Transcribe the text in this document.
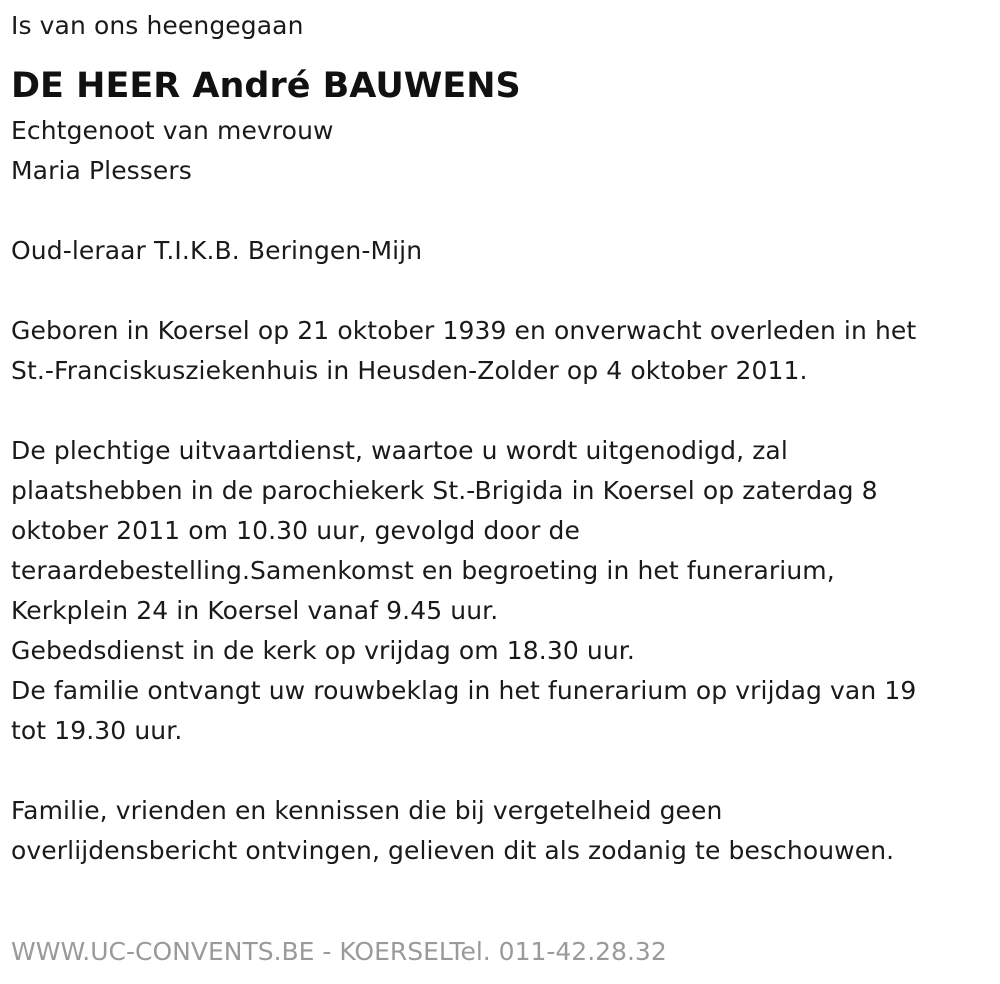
Is van ons heengegaan
DE HEER André BAUWENS
Echtgenoot van mevrouw
Maria Plessers
Oud-leraar T.I.K.B. Beringen-Mijn
Geboren in Koersel op 21 oktober 1939 en onverwacht overleden in het
St.-Franciskusziekenhuis in Heusden-Zolder op 4 oktober 2011.
De plechtige uitvaartdienst, waartoe u wordt uitgenodigd, zal
plaatshebben in de parochiekerk St.-Brigida in Koersel op zaterdag 8
oktober 2011 om 10.30 uur, gevolgd door de
teraardebestelling.Samenkomst en begroeting in het funerarium,
Kerkplein 24 in Koersel vanaf 9.45 uur.
Gebedsdienst in de kerk op vrijdag om 18.30 uur.
De familie ontvangt uw rouwbeklag in het funerarium op vrijdag van 19
tot 19.30 uur.
Familie, vrienden en kennissen die bij vergetelheid geen
overlijdensbericht ontvingen, gelieven dit als zodanig te beschouwen.
WWW.UC-CONVENTS.BE - KOERSELTel. 011-42.28.32
